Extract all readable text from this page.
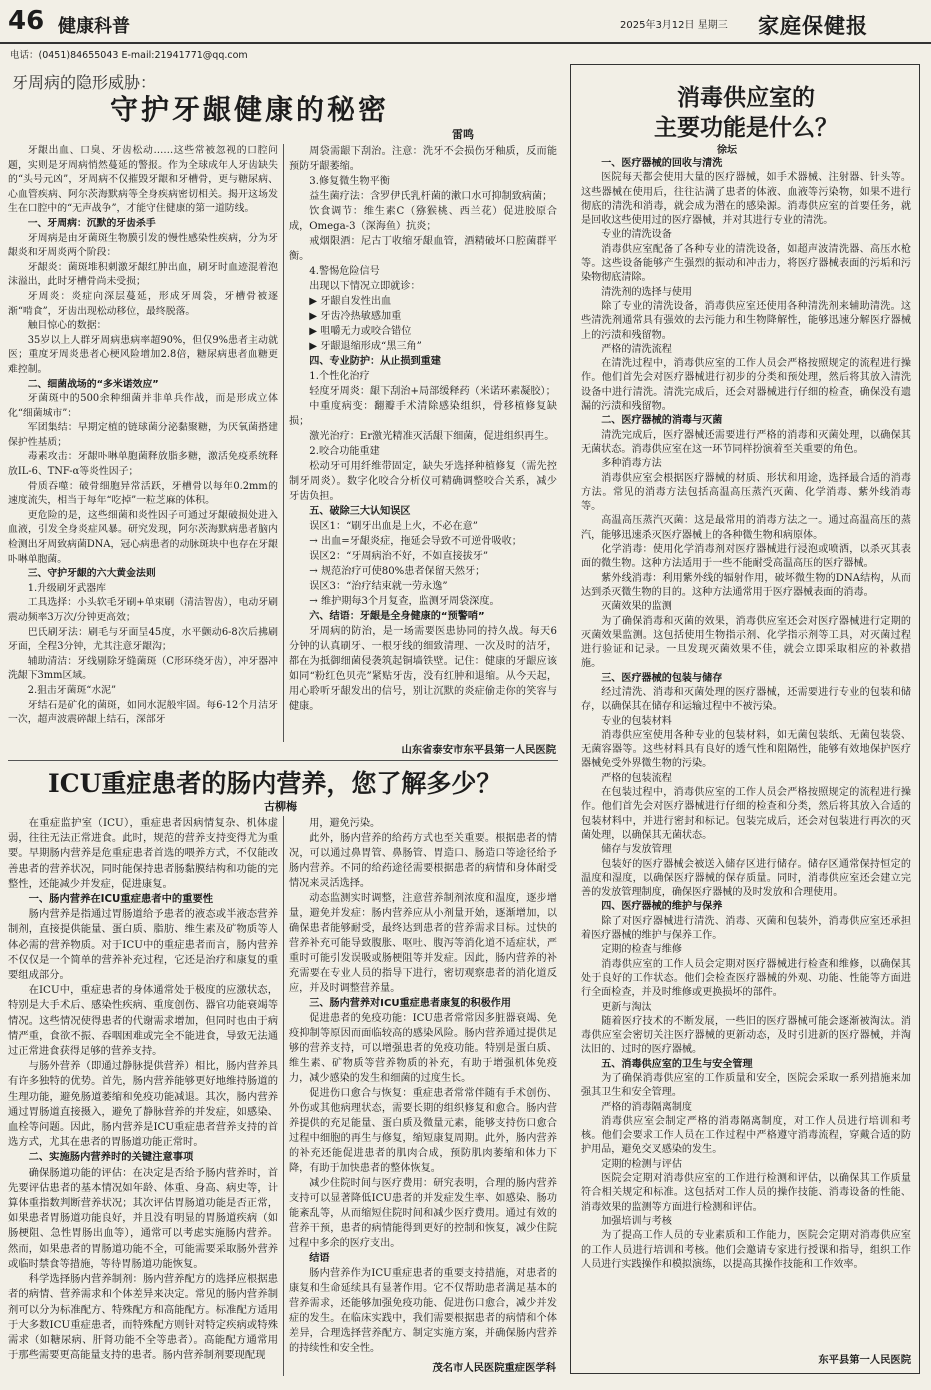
46 健康科普	2025年3月12日 星期三 家庭保健报
电话：(0451)84655043 E-mail:21941771@qq.com
牙周病的隐形威胁：
守护牙龈健康的秘密
雷鸣

牙龈出血、口臭、牙齿松动……这些常被忽视的口腔问题，实则是牙周病悄然蔓延的警报。作为全球成年人牙齿缺失的“头号元凶”，牙周病不仅摧毁牙龈和牙槽骨，更与糖尿病、心血管疾病、阿尔茨海默病等全身疾病密切相关。揭开这场发生在口腔中的“无声战争”，才能守住健康的第一道防线。

一、牙周病：沉默的牙齿杀手

牙周病是由牙菌斑生物膜引发的慢性感染性疾病，分为牙龈炎和牙周炎两个阶段：

牙龈炎：菌斑堆积刺激牙龈红肿出血，刷牙时血迹混着泡沫溢出，此时牙槽骨尚未受损；

牙周炎：炎症向深层蔓延，形成牙周袋，牙槽骨被逐渐“啃食”，牙齿出现松动移位，最终脱落。

触目惊心的数据：

35岁以上人群牙周病患病率超90%，但仅9%患者主动就医；重度牙周炎患者心梗风险增加2.8倍，糖尿病患者血糖更难控制。

二、细菌战场的“多米诺效应”

牙菌斑中的500余种细菌并非单兵作战，而是形成立体化“细菌城市”：

军团集结：早期定植的链球菌分泌黏聚糖，为厌氧菌搭建保护性基质；

毒素攻击：牙龈卟啉单胞菌释放脂多糖，激活免疫系统释放IL-6、TNF-α等炎性因子；

骨质吞噬：破骨细胞异常活跃，牙槽骨以每年0.2mm的速度流失，相当于每年“吃掉”一粒芝麻的体积。

更危险的是，这些细菌和炎性因子可通过牙龈破损处进入血液，引发全身炎症风暴。研究发现，阿尔茨海默病患者脑内检测出牙周致病菌DNA，冠心病患者的动脉斑块中也存在牙龈卟啉单胞菌。

三、守护牙龈的六大黄金法则

1.升级刷牙武器库

工具选择：小头软毛牙刷+单束刷（清洁智齿），电动牙刷震动频率3万次/分钟更高效；

巴氏刷牙法：刷毛与牙面呈45度，水平颤动6-8次后拂刷牙面，全程3分钟，尤其注意牙龈沟；

辅助清洁：牙线剔除牙缝菌斑（C形环绕牙齿），冲牙器冲洗龈下3mm区域。

2.狙击牙菌斑“水泥”

牙结石是矿化的菌斑，如同水泥般牢固。每6-12个月洁牙一次，超声波震碎龈上结石，深部牙

周袋需龈下刮治。注意：洗牙不会损伤牙釉质，反而能预防牙龈萎缩。

3.修复微生物平衡

益生菌疗法：含罗伊氏乳杆菌的漱口水可抑制致病菌；

饮食调节：维生素C（猕猴桃、西兰花）促进胶原合成，Omega-3（深海鱼）抗炎；

戒烟限酒：尼古丁收缩牙龈血管，酒精破坏口腔菌群平衡。

4.警惕危险信号

出现以下情况立即就诊：

▶ 牙龈自发性出血

▶ 牙齿冷热敏感加重

▶ 咀嚼无力或咬合错位

▶ 牙龈退缩形成“黑三角”

四、专业防护：从止损到重建

1.个性化治疗

轻度牙周炎：龈下刮治+局部缓释药（米诺环素凝胶）；

中重度病变：翻瓣手术清除感染组织，骨移植修复缺损；

激光治疗：Er激光精准灭活龈下细菌，促进组织再生。

2.咬合功能重建

松动牙可用纤维带固定，缺失牙选择种植修复（需先控制牙周炎）。数字化咬合分析仪可精确调整咬合关系，减少牙齿负担。

五、破除三大认知误区

误区1：“刷牙出血是上火，不必在意”

→ 出血=牙龈炎症，拖延会导致不可逆骨吸收；

误区2：“牙周病治不好，不如直接拔牙”

→ 规范治疗可使80%患者保留天然牙；

误区3：“治疗结束就一劳永逸”

→ 维护期每3个月复查，监测牙周袋深度。

六、结语：牙龈是全身健康的“预警哨”

牙周病的防治，是一场需要医患协同的持久战。每天6分钟的认真刷牙、一根牙线的细致清理、一次及时的洁牙，都在为抵御细菌侵袭筑起铜墙铁壁。记住：健康的牙龈应该如同“粉红色贝壳”紧贴牙齿，没有红肿和退缩。从今天起，用心聆听牙龈发出的信号，别让沉默的炎症偷走你的笑容与健康。

山东省泰安市东平县第一人民医院
ICU重症患者的肠内营养，您了解多少？
古柳梅

在重症监护室（ICU），重症患者因病情复杂、机体虚弱，往往无法正常进食。此时，规范的营养支持变得尤为重要。早期肠内营养是危重症患者首选的喂养方式，不仅能改善患者的营养状况，同时能保持患者肠黏膜结构和功能的完整性，还能减少并发症，促进康复。

一、肠内营养在ICU重症患者中的重要性

肠内营养是指通过胃肠道给予患者的液态或半液态营养制剂，直接提供能量、蛋白质、脂肪、维生素及矿物质等人体必需的营养物质。对于ICU中的重症患者而言，肠内营养不仅仅是一个简单的营养补充过程，它还是治疗和康复的重要组成部分。

在ICU中，重症患者的身体通常处于极度的应激状态，特别是大手术后、感染性疾病、重度创伤、器官功能衰竭等情况。这些情况使得患者的代谢需求增加，但同时也由于病情严重，食欲不振、吞咽困难或完全不能进食，导致无法通过正常进食获得足够的营养支持。

与肠外营养（即通过静脉提供营养）相比，肠内营养具有许多独特的优势。首先，肠内营养能够更好地维持肠道的生理功能，避免肠道萎缩和免疫功能减退。其次，肠内营养通过胃肠道直接摄入，避免了静脉营养的并发症，如感染、血栓等问题。因此，肠内营养是ICU重症患者营养支持的首选方式，尤其在患者的胃肠道功能正常时。

二、实施肠内营养时的关键注意事项

确保肠道功能的评估：在决定是否给予肠内营养时，首先要评估患者的基本情况如年龄、体重、身高、病史等，计算体重指数判断营养状况；其次评估胃肠道功能是否正常，如果患者胃肠道功能良好，并且没有明显的胃肠道疾病（如肠梗阻、急性胃肠出血等），通常可以考虑实施肠内营养。然而，如果患者的胃肠道功能不全，可能需要采取肠外营养或临时禁食等措施，等待胃肠道功能恢复。

科学选择肠内营养制剂：肠内营养配方的选择应根据患者的病情、营养需求和个体差异来决定。常见的肠内营养制剂可以分为标准配方、特殊配方和高能配方。标准配方适用于大多数ICU重症患者，而特殊配方则针对特定疾病或特殊需求（如糖尿病、肝肾功能不全等患者）。高能配方通常用于那些需要更高能量支持的患者。肠内营养制剂要现配现

用，避免污染。

此外，肠内营养的给药方式也至关重要。根据患者的情况，可以通过鼻胃管、鼻肠管、胃造口、肠造口等途径给予肠内营养。不同的给药途径需要根据患者的病情和身体耐受情况来灵活选择。

动态监测实时调整，注意营养制剂浓度和温度，逐步增量，避免并发症：肠内营养应从小剂量开始，逐渐增加，以确保患者能够耐受，最终达到患者的营养需求目标。过快的营养补充可能导致腹胀、呕吐、腹泻等消化道不适症状，严重时可能引发误吸或肠梗阻等并发症。因此，肠内营养的补充需要在专业人员的指导下进行，密切观察患者的消化道反应，并及时调整营养量。

三、肠内营养对ICU重症患者康复的积极作用

促进患者的免疫功能：ICU患者常常因多脏器衰竭、免疫抑制等原因而面临较高的感染风险。肠内营养通过提供足够的营养支持，可以增强患者的免疫功能。特别是蛋白质、维生素、矿物质等营养物质的补充，有助于增强机体免疫力，减少感染的发生和细菌的过度生长。

促进伤口愈合与恢复：重症患者常常伴随有手术创伤、外伤或其他病理状态，需要长期的组织修复和愈合。肠内营养提供的充足能量、蛋白质及微量元素，能够支持伤口愈合过程中细胞的再生与修复，缩短康复周期。此外，肠内营养的补充还能促进患者的肌肉合成，预防肌肉萎缩和体力下降，有助于加快患者的整体恢复。

减少住院时间与医疗费用：研究表明，合理的肠内营养支持可以显著降低ICU患者的并发症发生率、如感染、肠功能紊乱等，从而缩短住院时间和减少医疗费用。通过有效的营养干预，患者的病情能得到更好的控制和恢复，减少住院过程中多余的医疗支出。

结语

肠内营养作为ICU重症患者的重要支持措施，对患者的康复和生命延续具有显著作用。它不仅帮助患者满足基本的营养需求，还能够加强免疫功能、促进伤口愈合，减少并发症的发生。在临床实践中，我们需要根据患者的病情和个体差异，合理选择营养配方、制定实施方案，并确保肠内营养的持续性和安全性。

茂名市人民医院重症医学科
消毒供应室的
主要功能是什么？
徐坛
一、医疗器械的回收与清洗

医院每天都会使用大量的医疗器械，如手术器械、注射器、针头等。这些器械在使用后，往往沾满了患者的体液、血液等污染物，如果不进行彻底的清洗和消毒，就会成为潜在的感染源。消毒供应室的首要任务，就是回收这些使用过的医疗器械，并对其进行专业的清洗。

专业的清洗设备

消毒供应室配备了各种专业的清洗设备，如超声波清洗器、高压水枪等。这些设备能够产生强烈的振动和冲击力，将医疗器械表面的污垢和污染物彻底清除。

清洗剂的选择与使用

除了专业的清洗设备，消毒供应室还使用各种清洗剂来辅助清洗。这些清洗剂通常具有强效的去污能力和生物降解性，能够迅速分解医疗器械上的污渍和残留物。

严格的清洗流程

在清洗过程中，消毒供应室的工作人员会严格按照规定的流程进行操作。他们首先会对医疗器械进行初步的分类和预处理，然后将其放入清洗设备中进行清洗。清洗完成后，还会对器械进行仔细的检查，确保没有遗漏的污渍和残留物。

二、医疗器械的消毒与灭菌

清洗完成后，医疗器械还需要进行严格的消毒和灭菌处理，以确保其无菌状态。消毒供应室在这一环节同样扮演着至关重要的角色。

多种消毒方法

消毒供应室会根据医疗器械的材质、形状和用途，选择最合适的消毒方法。常见的消毒方法包括高温高压蒸汽灭菌、化学消毒、紫外线消毒等。

高温高压蒸汽灭菌：这是最常用的消毒方法之一。通过高温高压的蒸汽，能够迅速杀灭医疗器械上的各种微生物和病原体。

化学消毒：使用化学消毒剂对医疗器械进行浸泡或喷洒，以杀灭其表面的微生物。这种方法适用于一些不能耐受高温高压的医疗器械。

紫外线消毒：利用紫外线的辐射作用，破坏微生物的DNA结构，从而达到杀灭微生物的目的。这种方法通常用于医疗器械表面的消毒。

灭菌效果的监测

为了确保消毒和灭菌的效果，消毒供应室还会对医疗器械进行定期的灭菌效果监测。这包括使用生物指示剂、化学指示剂等工具，对灭菌过程进行验证和记录。一旦发现灭菌效果不佳，就会立即采取相应的补救措施。

三、医疗器械的包装与储存

经过清洗、消毒和灭菌处理的医疗器械，还需要进行专业的包装和储存，以确保其在储存和运输过程中不被污染。

专业的包装材料

消毒供应室使用各种专业的包装材料，如无菌包装纸、无菌包装袋、无菌容器等。这些材料具有良好的透气性和阻隔性，能够有效地保护医疗器械免受外界微生物的污染。

严格的包装流程

在包装过程中，消毒供应室的工作人员会严格按照规定的流程进行操作。他们首先会对医疗器械进行仔细的检查和分类，然后将其放入合适的包装材料中，并进行密封和标记。包装完成后，还会对包装进行再次的灭菌处理，以确保其无菌状态。

储存与发放管理

包装好的医疗器械会被送入储存区进行储存。储存区通常保持恒定的温度和湿度，以确保医疗器械的保存质量。同时，消毒供应室还会建立完善的发放管理制度，确保医疗器械的及时发放和合理使用。

四、医疗器械的维护与保养

除了对医疗器械进行清洗、消毒、灭菌和包装外，消毒供应室还承担着医疗器械的维护与保养工作。

定期的检查与维修

消毒供应室的工作人员会定期对医疗器械进行检查和维修，以确保其处于良好的工作状态。他们会检查医疗器械的外观、功能、性能等方面进行全面检查，并及时维修或更换损坏的部件。

更新与淘汰

随着医疗技术的不断发展，一些旧的医疗器械可能会逐渐被淘汰。消毒供应室会密切关注医疗器械的更新动态，及时引进新的医疗器械，并淘汰旧的、过时的医疗器械。

五、消毒供应室的卫生与安全管理

为了确保消毒供应室的工作质量和安全，医院会采取一系列措施来加强其卫生和安全管理。

严格的消毒隔离制度

消毒供应室会制定严格的消毒隔离制度，对工作人员进行培训和考核。他们会要求工作人员在工作过程中严格遵守消毒流程，穿戴合适的防护用品，避免交叉感染的发生。

定期的检测与评估

医院会定期对消毒供应室的工作进行检测和评估，以确保其工作质量符合相关规定和标准。这包括对工作人员的操作技能、消毒设备的性能、消毒效果的监测等方面进行检测和评估。

加强培训与考核

为了提高工作人员的专业素质和工作能力，医院会定期对消毒供应室的工作人员进行培训和考核。他们会邀请专家进行授课和指导，组织工作人员进行实践操作和模拟演练，以提高其操作技能和工作效率。

东平县第一人民医院
